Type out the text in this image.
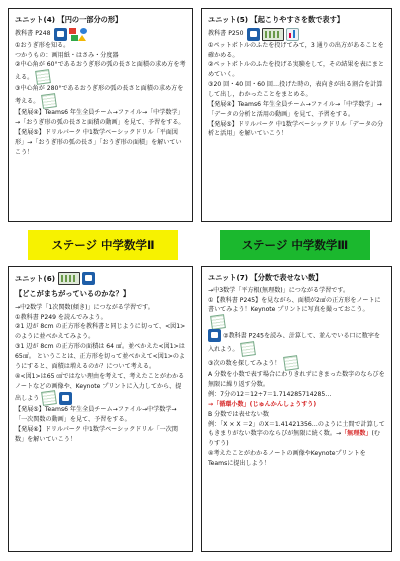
ユニット(4) 【円の一部分の形】

教科書 P248

①おうぎ形を知る。

つかうもの：画用紙・はさみ・分度器

②中心角が 60°であるおうぎ形の弧の長さと面積の求め方を考える。

③中心角が 280°であるおうぎ形の弧の長さと面積の求め方を考える。

【発展④】Teams6 年生全員チーム→ファイル→「中学数学」→「おうぎ形の弧の長さと面積の動画」を見て、予習をする。

【発展⑤】ドリルパーク 中1数学ベーシックドリル「平面図形」→「おうぎ形の弧の長さ」「おうぎ形の面積」を解いていこう！

ユニット(5) 【起こりやすさを数で表す】

教科書 P250

①ペットボトルのふたを投げてみて，3 通りの出方があることを確かめる。

②ペットボトルのふたを投げる実験をして，その結果を表にまとめていく。

③20 回・40 回・60 回…投げた時の，表向きが出る割合を計算して出し，わかったことをまとめる。

【発展④】Teams6 年生全員チーム→ファイル→「中学数学」→「データの分析と活用の動画」を見て、予習をする。

【発展⑤】ドリルパーク 中1数学ベーシックドリル「データの分析と活用」を解いていこう！

ステージ 中学数学Ⅱ	ステージ 中学数学Ⅲ

ユニット(6)

【どこがまちがっているのかな？】

→中2数学「1次関数(傾き)」につながる学習です。

①教科書 P249 を読んでみよう。

②1 辺が 8cm の正方形を教科書と同じように切って、<図1>のように並べかえてみよう。

③1 辺が 8cm の正方形の面積は 64 ㎠。並べかえた<図1>は65㎠。 ということは、正方形を切って並べかえて<図1>のようにすると、面積は増えるのか？について考える。

④<図1>は65 ㎠ではない理由を考えて、考えたことがわかるノートなどの画像や、Keynote プリントに入力してから、提出しよう

【発展⑤】Teams6 年生全員チーム→ファイル→中学数学→「一次関数の動画」を見て、予習をする。

【発展⑥】ドリルパーク 中1数学ベーシックドリル「一次関数」を解いていこう！

ユニット(7) 【分数で表せない数】

→中3数学「平方根(無理数)」につながる学習です。

①【教科書 P245】を見ながら、面積が2㎠の正方形をノートに書いてみよう！Keynote プリントに写真を撮っておこう。

②教科書 P245を読み、計算して、並んでいる口に数字を入れよう。

③次の数を探してみよう！

A 分数を小数で表す場合にわりきれずにきまった数字のならびを無限に繰り返す分数。

例：7分の12＝12÷7＝1.714285714285…

→「循環小数」(じゅんかんしょうすう)

B 分数では表せない数

例：「X × X ＝2」のX＝1.41421356…のように土間で計算してもきまりがない数字のならびが無限に続く数。→「無理数」(むりすう)

④考えたことがわかるノートの画像やKeynoteプリントをTeamsに提出しよう！
